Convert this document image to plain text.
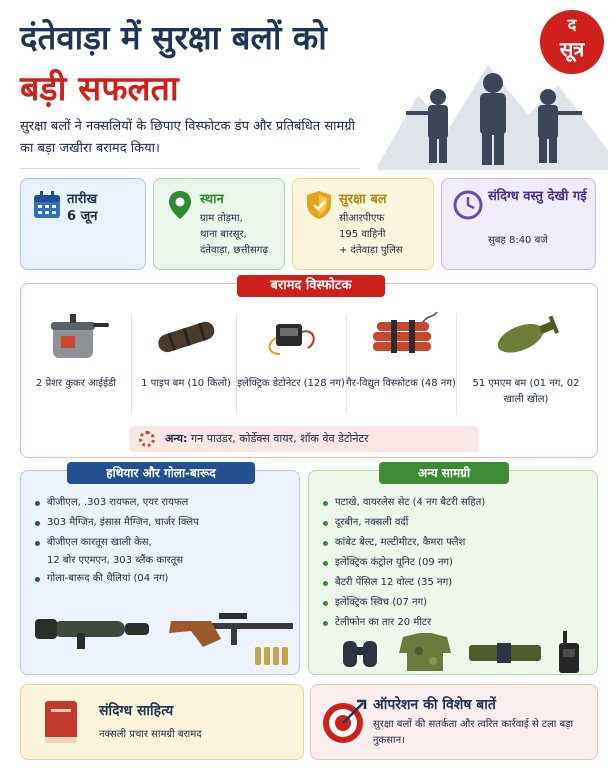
दंतेवाड़ा में सुरक्षा बलों को
बड़ी सफलता
सुरक्षा बलों ने नक्सलियों के छिपाए विस्फोटक डंप और प्रतिबंधित सामग्री का बड़ा जखीरा बरामद किया।
द
सूत्र
तारीख
6 जून
स्थान
ग्राम तोड़मा,
थाना बारसूर,
दंतेवाड़ा, छत्तीसगढ़
सुरक्षा बल
सीआरपीएफ
195 वाहिनी
+ दंतेवाड़ा पुलिस
संदिग्ध वस्तु देखी गई
सुबह 8:40 बजे
बरामद विस्फोटक
2 प्रेशर कुकर आईईडी	1 पाइप बम (10 किलो) इलेक्ट्रिक डेटोनेटर (128 नग) गैर-विद्युत विस्फोटक (48 नग)	51 एमएम बम (01 नग, 02 खाली खोल)
अन्य: गन पाउडर, कोर्डेक्स वायर, शॉक वेव डेटोनेटर
हथियार और गोला-बारूद
बीजीएल, .303 रायफल, एयर रायफल
303 मैग्जिन, इंसास मैग्जिन, चार्जर क्लिप
बीजीएल कारतूस खाली केस,
12 बोर एएमएन, 303 ब्लैंक कारतूस
गोला-बारूद की थैलियां (04 नग)
अन्य सामग्री
पटाखे, वायरलेस सेट (4 नग बैटरी सहित)
दूरबीन, नक्सली वर्दी
कांबेट बेल्ट, मल्टीमीटर, कैमरा फ्लैश
इलेक्ट्रिक कंट्रोल यूनिट (09 नग)
बैटरी पेंसिल 12 वोल्ट (35 नग)
इलेक्ट्रिक स्विच (07 नग)
टेलीफोन का तार 20 मीटर
संदिग्ध साहित्य
नक्सली प्रचार सामग्री बरामद
ऑपरेशन की विशेष बातें
सुरक्षा बलों की सतर्कता और त्वरित कार्रवाई से टला बड़ा नुकसान।
